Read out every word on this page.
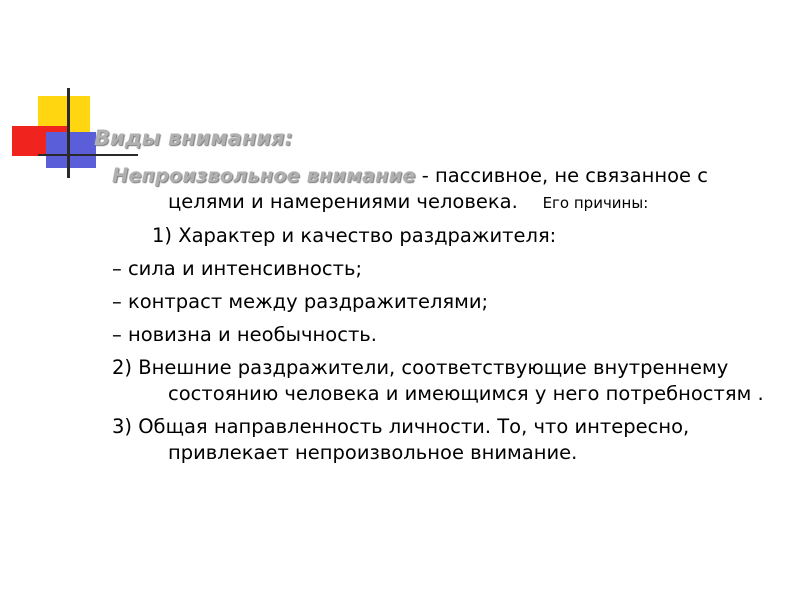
Виды внимания:

Непроизвольное внимание - пассивное, не связанное с целями и намерениями человека. Его причины:

1) Характер и качество раздражителя:

– сила и интенсивность;

– контраст между раздражителями;

– новизна и необычность.

2) Внешние раздражители, соответствующие внутреннему состоянию человека и имеющимся у него потребностям .

3) Общая направленность личности. То, что интересно, привлекает непроизвольное внимание.
